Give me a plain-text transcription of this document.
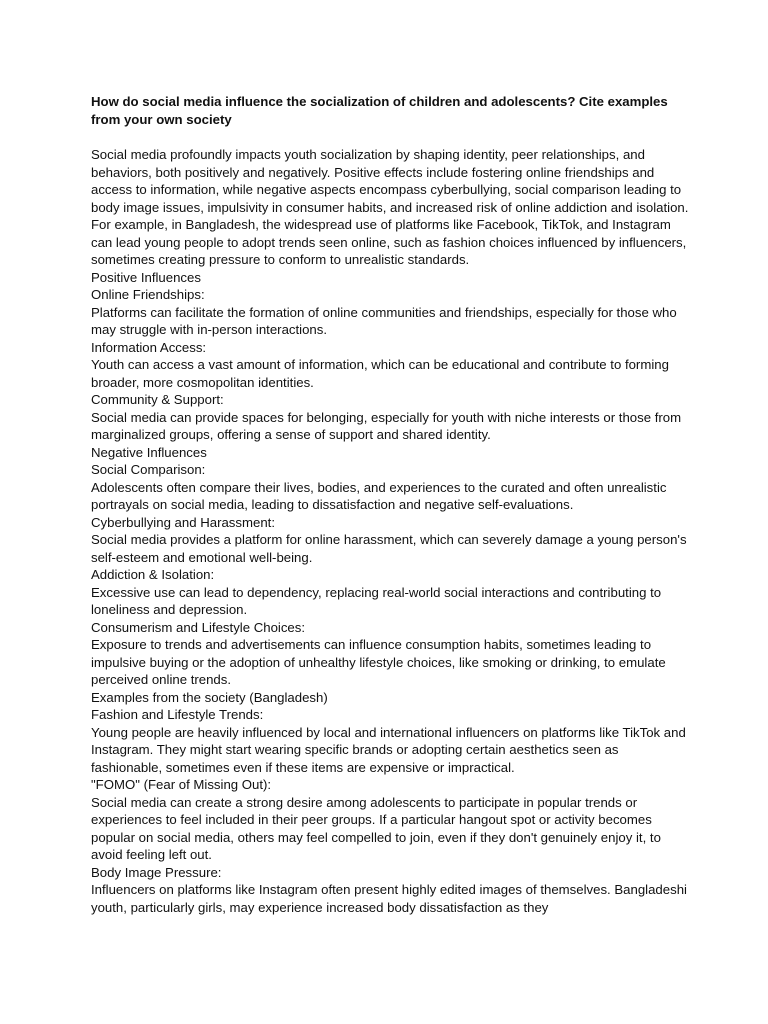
How do social media influence the socialization of children and adolescents? Cite examples from your own society

Social media profoundly impacts youth socialization by shaping identity, peer relationships, and behaviors, both positively and negatively. Positive effects include fostering online friendships and access to information, while negative aspects encompass cyberbullying, social comparison leading to body image issues, impulsivity in consumer habits, and increased risk of online addiction and isolation. For example, in Bangladesh, the widespread use of platforms like Facebook, TikTok, and Instagram can lead young people to adopt trends seen online, such as fashion choices influenced by influencers, sometimes creating pressure to conform to unrealistic standards.

Positive Influences
Online Friendships:

Platforms can facilitate the formation of online communities and friendships, especially for those who may struggle with in-person interactions.

Information Access:

Youth can access a vast amount of information, which can be educational and contribute to forming broader, more cosmopolitan identities.

Community & Support:

Social media can provide spaces for belonging, especially for youth with niche interests or those from marginalized groups, offering a sense of support and shared identity.

Negative Influences
Social Comparison:

Adolescents often compare their lives, bodies, and experiences to the curated and often unrealistic portrayals on social media, leading to dissatisfaction and negative self-evaluations.

Cyberbullying and Harassment:

Social media provides a platform for online harassment, which can severely damage a young person's self-esteem and emotional well-being.

Addiction & Isolation:

Excessive use can lead to dependency, replacing real-world social interactions and contributing to loneliness and depression.

Consumerism and Lifestyle Choices:

Exposure to trends and advertisements can influence consumption habits, sometimes leading to impulsive buying or the adoption of unhealthy lifestyle choices, like smoking or drinking, to emulate perceived online trends.

Examples from the society (Bangladesh)
Fashion and Lifestyle Trends:

Young people are heavily influenced by local and international influencers on platforms like TikTok and Instagram. They might start wearing specific brands or adopting certain aesthetics seen as fashionable, sometimes even if these items are expensive or impractical.

"FOMO" (Fear of Missing Out):

Social media can create a strong desire among adolescents to participate in popular trends or experiences to feel included in their peer groups. If a particular hangout spot or activity becomes popular on social media, others may feel compelled to join, even if they don't genuinely enjoy it, to avoid feeling left out.

Body Image Pressure:

Influencers on platforms like Instagram often present highly edited images of themselves. Bangladeshi youth, particularly girls, may experience increased body dissatisfaction as they
